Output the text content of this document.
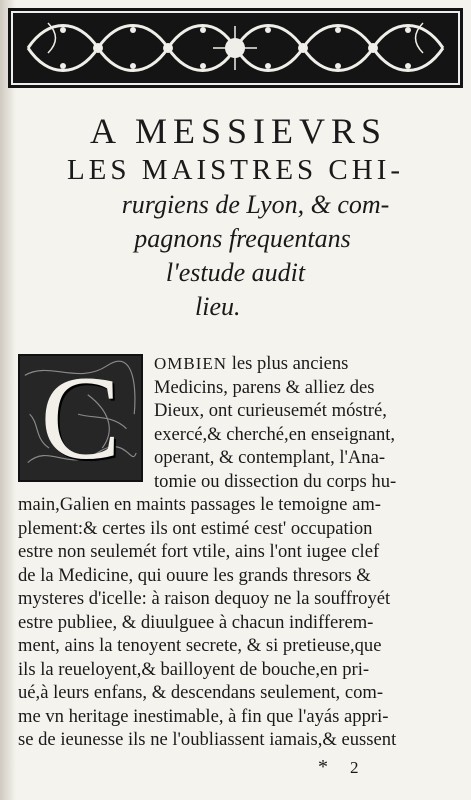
A MESSIEVRS
LES MAISTRES CHI-
rurgiens de Lyon, & com-
pagnons frequentans
l'estude audit
lieu.
C	OMBIEN les plus anciens
Medicins, parens & alliez des
Dieux, ont curieusemét móstré,
exercé,& cherché,en enseignant,
operant, & contemplant, l'Ana-
tomie ou dissection du corps hu-
main,Galien en maints passages le temoigne am-
plement:& certes ils ont estimé cest' occupation
estre non seulemét fort vtile, ains l'ont iugee clef
de la Medicine, qui ouure les grands thresors &
mysteres d'icelle: à raison dequoy ne la souffroyét
estre publiee, & diuulguee à chacun indifferem-
ment, ains la tenoyent secrete, & si pretieuse,que
ils la reueloyent,& bailloyent de bouche,en pri-
ué,à leurs enfans, & descendans seulement, com-
me vn heritage inestimable, à fin que l'ayás appri-
se de ieunesse ils ne l'oubliassent iamais,& eussent
* 2
